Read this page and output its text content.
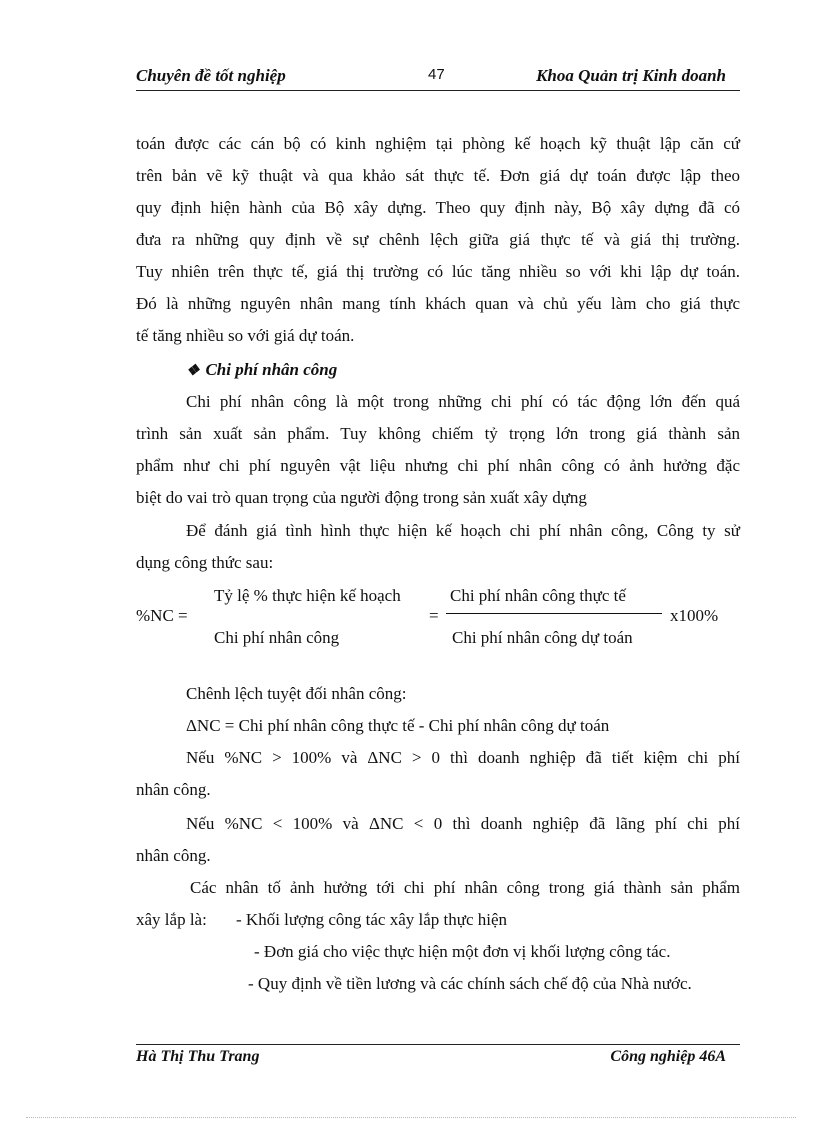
Chuyên đề tốt nghiệp	47	Khoa Quản trị Kinh doanh
toán được các cán bộ có kinh nghiệm tại phòng kế hoạch kỹ thuật lập căn cứ
trên bản vẽ kỹ thuật và qua khảo sát thực tế. Đơn giá dự toán được lập theo
quy định hiện hành của Bộ xây dựng. Theo quy định này, Bộ xây dựng đã có
đưa ra những quy định về sự chênh lệch giữa giá thực tế và giá thị trường.
Tuy nhiên trên thực tế, giá thị trường có lúc tăng nhiều so với khi lập dự toán.
Đó là những nguyên nhân mang tính khách quan và chủ yếu làm cho giá thực
tế tăng nhiều so với giá dự toán.
❖ Chi phí nhân công
Chi phí nhân công là một trong những chi phí có tác động lớn đến quá
trình sản xuất sản phẩm. Tuy không chiếm tỷ trọng lớn trong giá thành sản
phẩm như chi phí nguyên vật liệu nhưng chi phí nhân công có ảnh hưởng đặc
biệt do vai trò quan trọng của người động trong sản xuất xây dựng
Để đánh giá tình hình thực hiện kế hoạch chi phí nhân công, Công ty sử
dụng công thức sau:
%NC =
Tỷ lệ % thực hiện kế hoạch
Chi phí nhân công
=
Chi phí nhân công thực tế
Chi phí nhân công dự toán
x100%
Chênh lệch tuyệt đối nhân công:
ΔNC = Chi phí nhân công thực tế - Chi phí nhân công dự toán
Nếu %NC > 100% và ΔNC > 0 thì doanh nghiệp đã tiết kiệm chi phí
nhân công.
Nếu %NC < 100% và ΔNC < 0 thì doanh nghiệp đã lãng phí chi phí
nhân công.
Các nhân tố ảnh hưởng tới chi phí nhân công trong giá thành sản phẩm
xây lắp là: - Khối lượng công tác xây lắp thực hiện
- Đơn giá cho việc thực hiện một đơn vị khối lượng công tác.
- Quy định về tiền lương và các chính sách chế độ của Nhà nước.
Hà Thị Thu Trang	Công nghiệp 46A
